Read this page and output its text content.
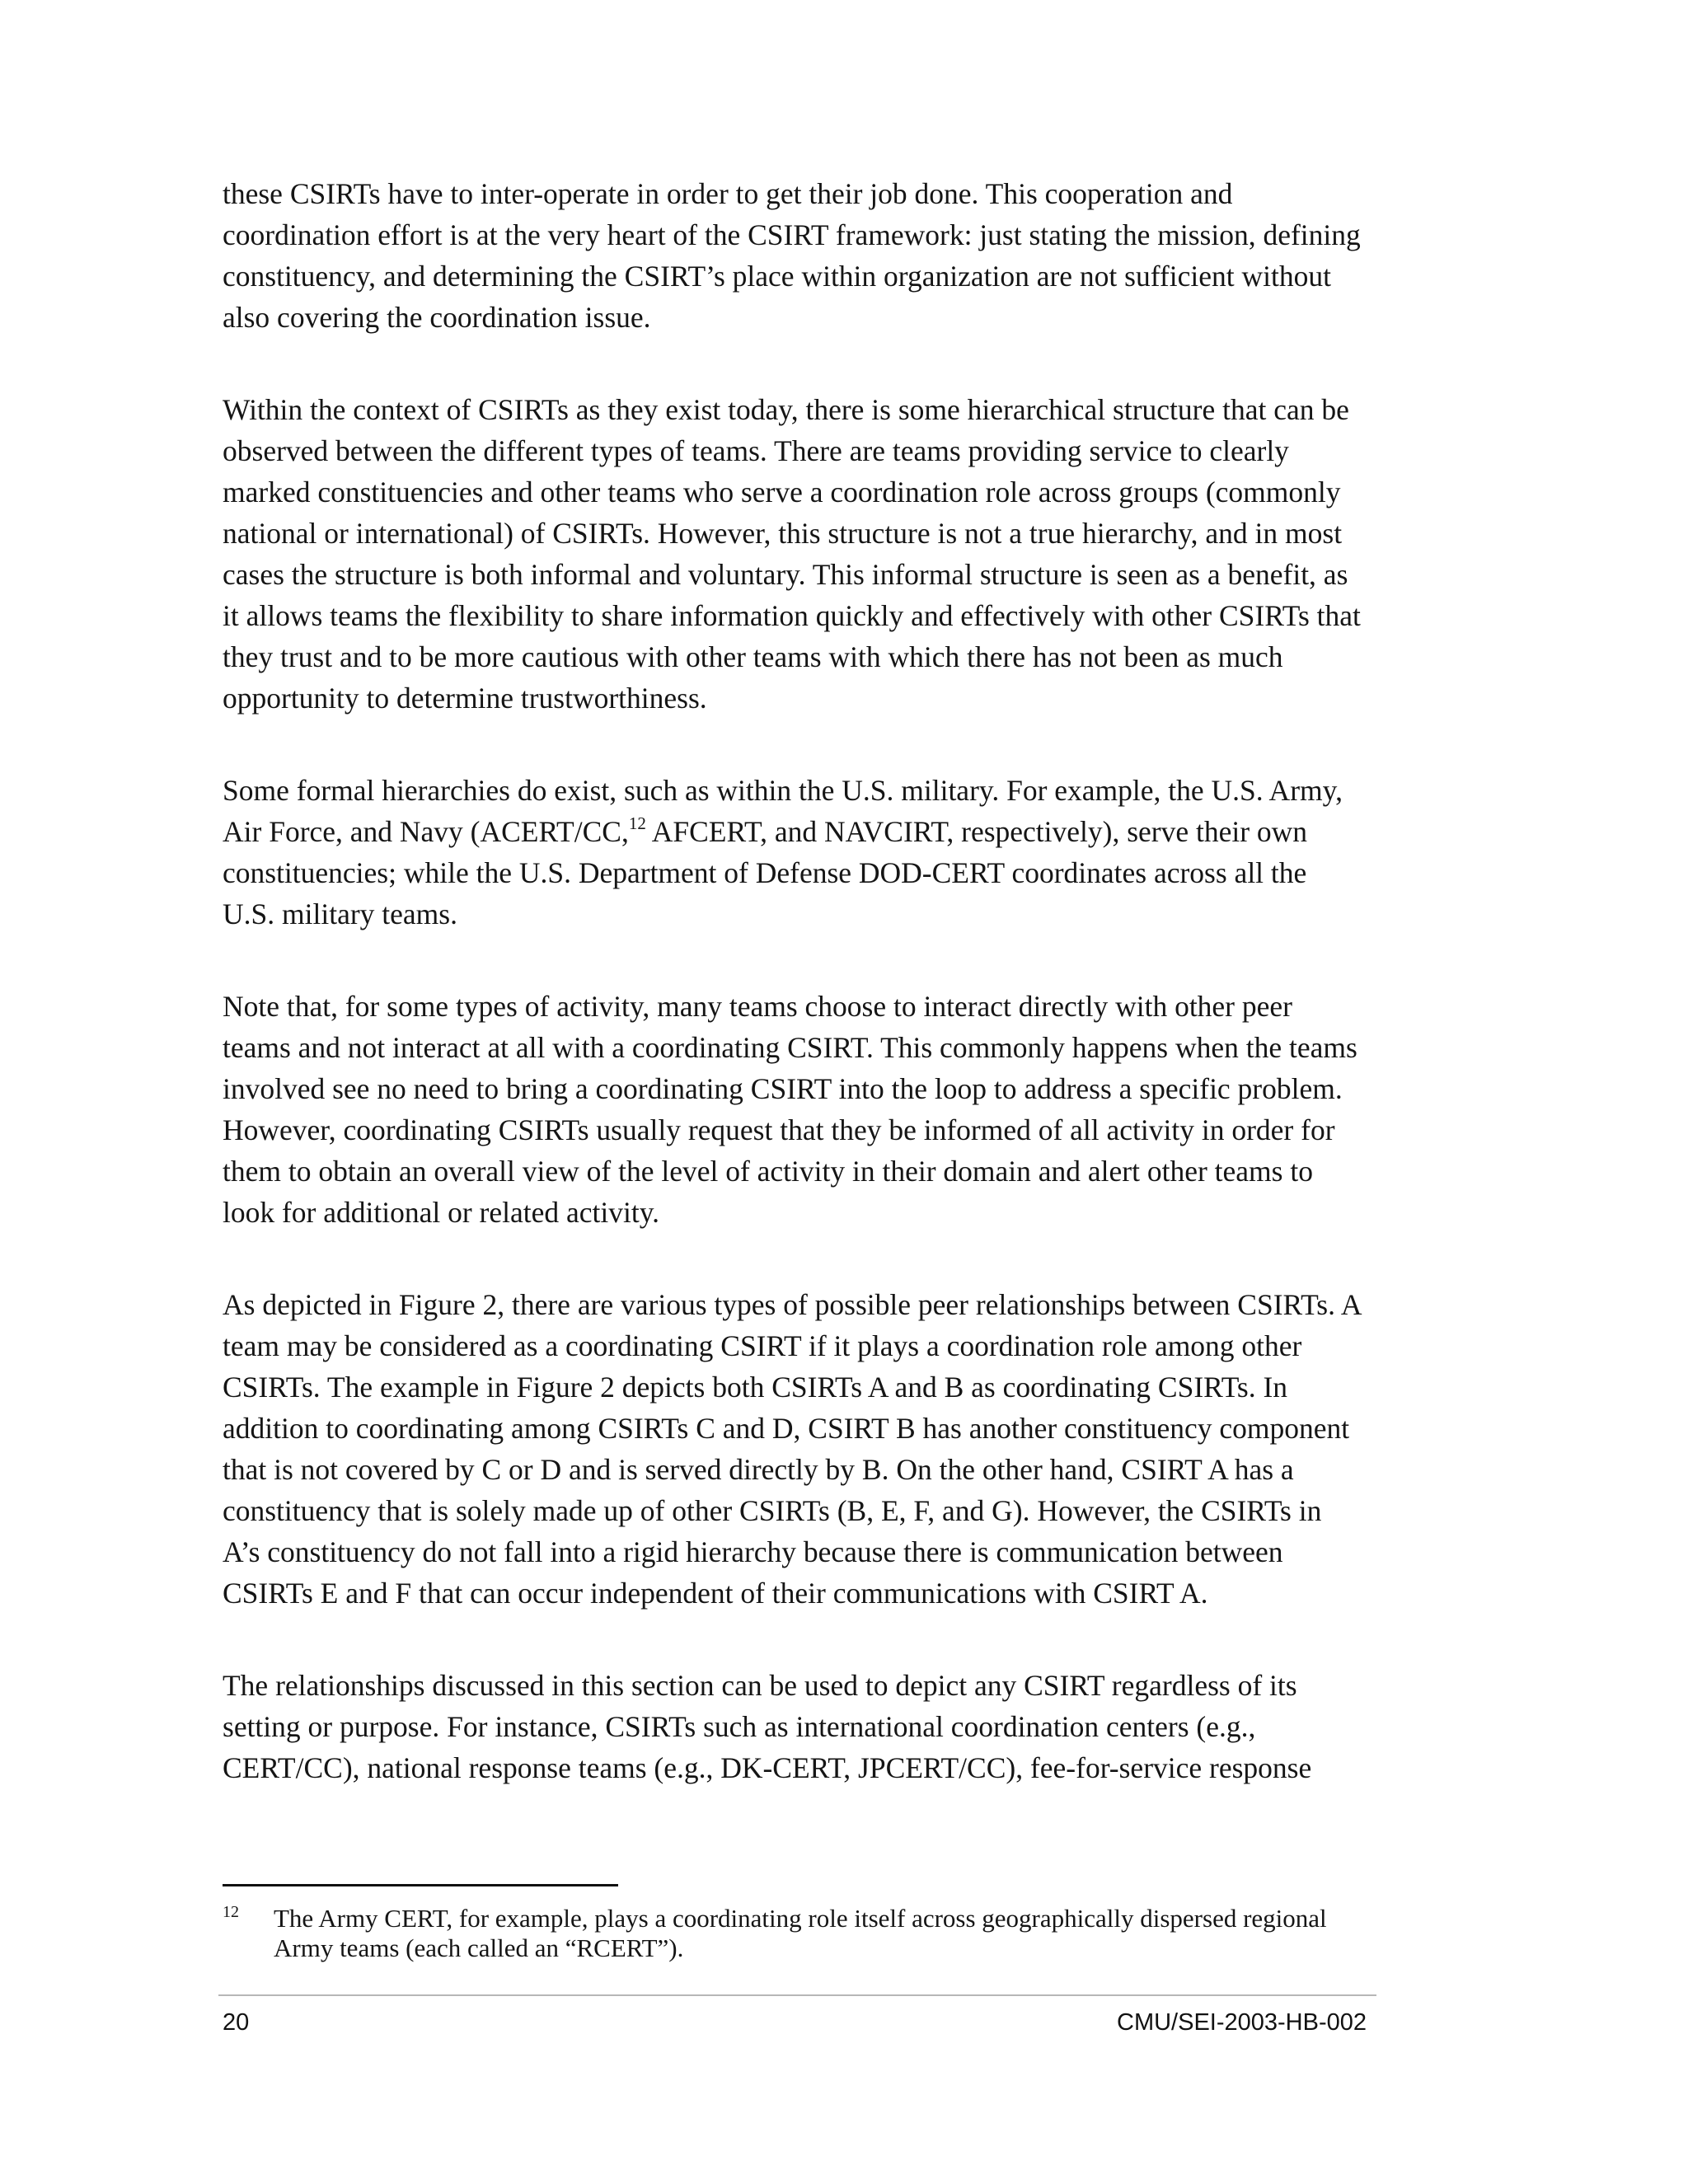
these CSIRTs have to inter-operate in order to get their job done. This cooperation and coordination effort is at the very heart of the CSIRT framework: just stating the mission, defining constituency, and determining the CSIRT’s place within organization are not sufficient without also covering the coordination issue.

Within the context of CSIRTs as they exist today, there is some hierarchical structure that can be observed between the different types of teams. There are teams providing service to clearly marked constituencies and other teams who serve a coordination role across groups (commonly national or international) of CSIRTs. However, this structure is not a true hierarchy, and in most cases the structure is both informal and voluntary. This informal structure is seen as a benefit, as it allows teams the flexibility to share information quickly and effectively with other CSIRTs that they trust and to be more cautious with other teams with which there has not been as much opportunity to determine trustworthiness.

Some formal hierarchies do exist, such as within the U.S. military. For example, the U.S. Army, Air Force, and Navy (ACERT/CC,$^{12}$ AFCERT, and NAVCIRT, respectively), serve their own constituencies; while the U.S. Department of Defense DOD-CERT coordinates across all the U.S. military teams.

Note that, for some types of activity, many teams choose to interact directly with other peer teams and not interact at all with a coordinating CSIRT. This commonly happens when the teams involved see no need to bring a coordinating CSIRT into the loop to address a specific problem. However, coordinating CSIRTs usually request that they be informed of all activity in order for them to obtain an overall view of the level of activity in their domain and alert other teams to look for additional or related activity.

As depicted in Figure 2, there are various types of possible peer relationships between CSIRTs. A team may be considered as a coordinating CSIRT if it plays a coordination role among other CSIRTs. The example in Figure 2 depicts both CSIRTs A and B as coordinating CSIRTs. In addition to coordinating among CSIRTs C and D, CSIRT B has another constituency component that is not covered by C or D and is served directly by B. On the other hand, CSIRT A has a constituency that is solely made up of other CSIRTs (B, E, F, and G). However, the CSIRTs in A’s constituency do not fall into a rigid hierarchy because there is communication between CSIRTs E and F that can occur independent of their communications with CSIRT A.

The relationships discussed in this section can be used to depict any CSIRT regardless of its setting or purpose. For instance, CSIRTs such as international coordination centers (e.g., CERT/CC), national response teams (e.g., DK-CERT, JPCERT/CC), fee-for-service response

12 The Army CERT, for example, plays a coordinating role itself across geographically dispersed regional Army teams (each called an “RCERT”).
20	CMU/SEI-2003-HB-002
